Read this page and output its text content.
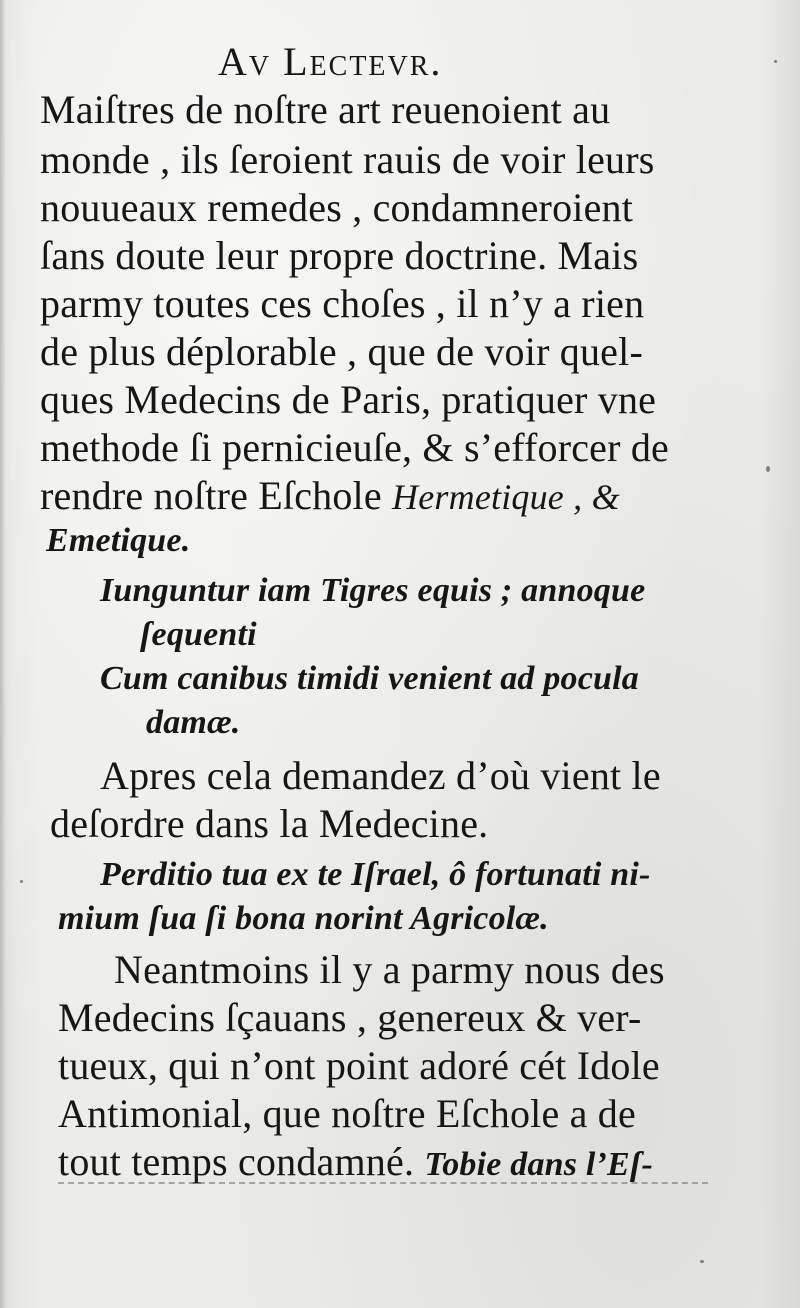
Av Lectevr.
Maiſtres de noſtre art reuenoient au
monde , ils ſeroient rauis de voir leurs
nouueaux remedes , condamneroient
ſans doute leur propre doctrine. Mais
parmy toutes ces choſes , il n’y a rien
de plus déplorable , que de voir quel-
ques Medecins de Paris, pratiquer vne
methode ſi pernicieuſe, & s’efforcer de
rendre noſtre Eſchole Hermetique , &
Emetique.
Iunguntur iam Tigres equis ; annoque
ſequenti
Cum canibus timidi venient ad pocula
damæ.
Apres cela demandez d’où vient le
deſordre dans la Medecine.
Perditio tua ex te Iſrael, ô fortunati ni-
mium ſua ſi bona norint Agricolæ.
Neantmoins il y a parmy nous des
Medecins ſçauans , genereux & ver-
tueux, qui n’ont point adoré cét Idole
Antimonial, que noſtre Eſchole a de
tout temps condamné. Tobie dans l’Eſ-
